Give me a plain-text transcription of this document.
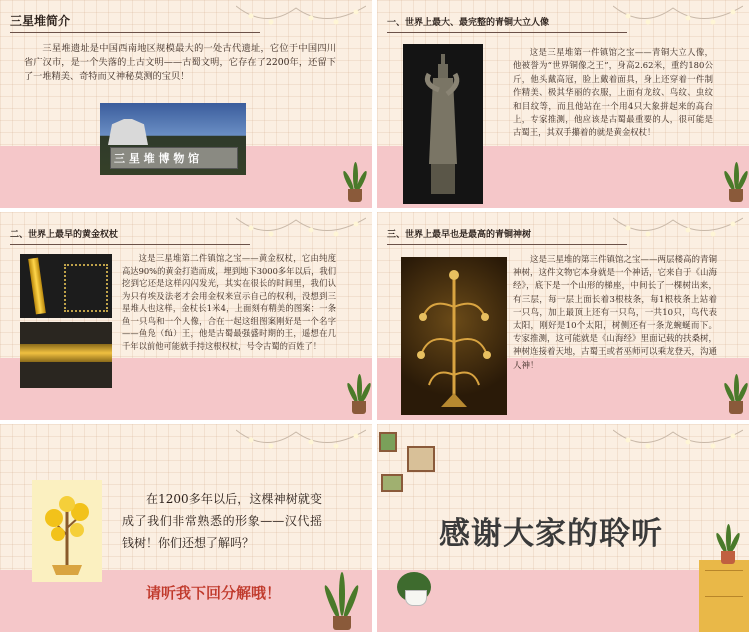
三星堆简介
三星堆遗址是中国西南地区规模最大的一处古代遗址，它位于中国四川省广汉市，是一个失落的上古文明——古蜀文明，它存在了2200年，还留下了一堆精美、奇特而又神秘莫测的宝贝！
三 星 堆 博 物 馆
一、世界上最大、最完整的青铜大立人像
这是三星堆第一件镇馆之宝——青铜大立人像，他被誉为“世界铜像之王”，身高2.62米，重约180公斤，他头戴高冠，脸上戴着面具，身上还穿着一件制作精美、极其华丽的衣服，上面有龙纹、鸟纹、虫纹和目纹等，而且他站在一个用4只大象拼起来的高台上，专家推测，他应该是古蜀最重要的人，很可能是古蜀王，其双手攥着的就是黄金权杖！
二、世界上最早的黄金权杖
这是三星堆第二件镇馆之宝——黄金权杖，它由纯度高达90%的黄金打造而成，埋到地下3000多年以后，我们挖到它还是这样闪闪发光，其实在很长的时间里，我们认为只有埃及法老才会用金权来宣示自己的权利，没想到三星堆人也这样，金杖长1米4，上面刻有精美的图案：一条鱼一只鸟和一个人像，合在一起这组图案刚好是一个名字——鱼凫（fú）王，他是古蜀最强盛时期的王，遥想在几千年以前他可能就手持这根权杖，号令古蜀的百姓了！
三、世界上最早也是最高的青铜神树
这是三星堆的第三件镇馆之宝——两层楼高的青铜神树，这件文物它本身就是一个神话，它来自于《山海经》，底下是一个山形的梯座，中间长了一棵树出来，有三层，每一层上面长着3根枝条，每1根枝条上站着一只鸟，加上最顶上还有一只鸟，一共10只，鸟代表太阳，刚好是10个太阳，树侧还有一条龙蜿蜒而下。专家推测，这可能就是《山海经》里面记载的扶桑树，神树连接着天地，古蜀王或者巫师可以乘龙登天，沟通人神！
在1200多年以后，这棵神树就变成了我们非常熟悉的形象——汉代摇钱树！你们还想了解吗？
请听我下回分解哦！
感谢大家的聆听
